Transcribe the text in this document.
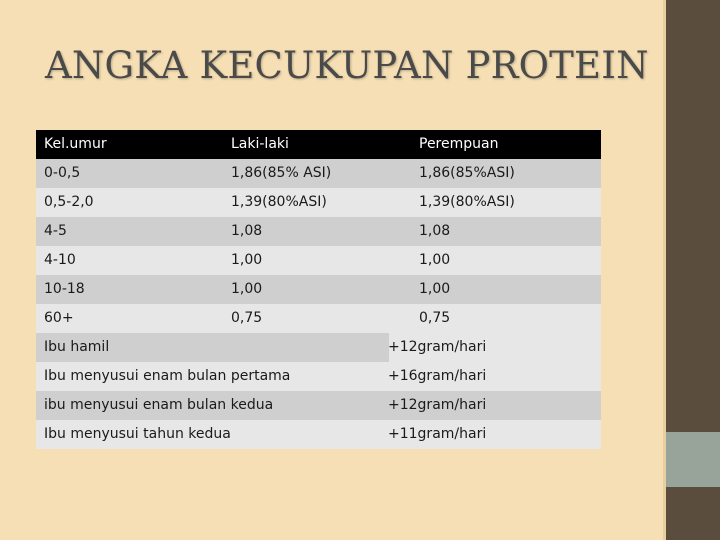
ANGKA KECUKUPAN PROTEIN
Kel.umur	Laki-laki	Perempuan
0-0,5	1,86(85% ASI)	1,86(85%ASI)
0,5-2,0	1,39(80%ASI)	1,39(80%ASI)
4-5	1,08	1,08
4-10	1,00	1,00
10-18	1,00	1,00
60+	0,75	0,75
Ibu hamil	+12gram/hari
Ibu menyusui enam bulan pertama	+16gram/hari
ibu menyusui enam bulan kedua	+12gram/hari
Ibu menyusui tahun kedua	+11gram/hari
